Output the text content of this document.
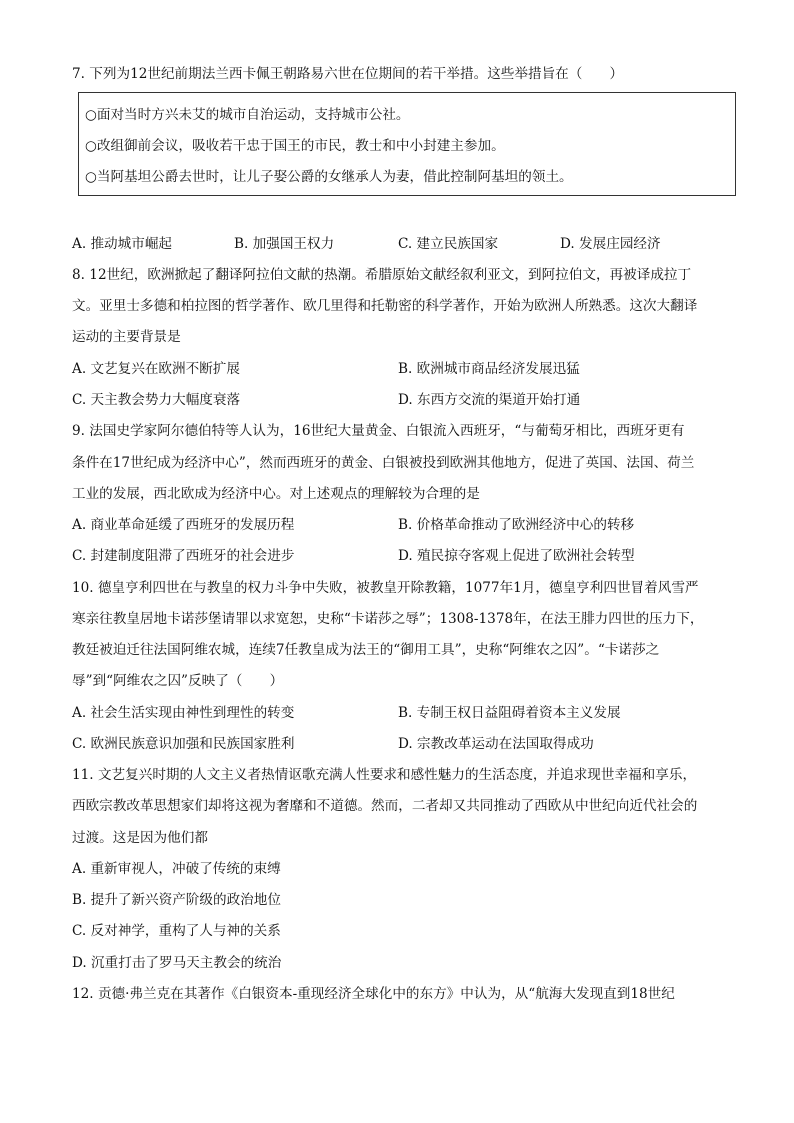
7. 下列为12世纪前期法兰西卡佩王朝路易六世在位期间的若干举措。这些举措旨在（　　）
○面对当时方兴未艾的城市自治运动，支持城市公社。
○改组御前会议，吸收若干忠于国王的市民，教士和中小封建主参加。
○当阿基坦公爵去世时，让儿子娶公爵的女继承人为妻，借此控制阿基坦的领土。
A. 推动城市崛起	B. 加强国王权力	C. 建立民族国家	D. 发展庄园经济
8. 12世纪，欧洲掀起了翻译阿拉伯文献的热潮。希腊原始文献经叙利亚文，到阿拉伯文，再被译成拉丁
文。亚里士多德和柏拉图的哲学著作、欧几里得和托勒密的科学著作，开始为欧洲人所熟悉。这次大翻译
运动的主要背景是
A. 文艺复兴在欧洲不断扩展	B. 欧洲城市商品经济发展迅猛
C. 天主教会势力大幅度衰落	D. 东西方交流的渠道开始打通
9. 法国史学家阿尔德伯特等人认为，16世纪大量黄金、白银流入西班牙，“与葡萄牙相比，西班牙更有
条件在17世纪成为经济中心”，然而西班牙的黄金、白银被投到欧洲其他地方，促进了英国、法国、荷兰
工业的发展，西北欧成为经济中心。对上述观点的理解较为合理的是
A. 商业革命延缓了西班牙的发展历程	B. 价格革命推动了欧洲经济中心的转移
C. 封建制度阻滞了西班牙的社会进步	D. 殖民掠夺客观上促进了欧洲社会转型
10. 德皇亨利四世在与教皇的权力斗争中失败，被教皇开除教籍，1077年1月，德皇亨利四世冒着风雪严
寒亲往教皇居地卡诺莎堡请罪以求宽恕，史称“卡诺莎之辱”；1308-1378年，在法王腓力四世的压力下，
教廷被迫迁往法国阿维农城，连续7任教皇成为法王的“御用工具”，史称“阿维农之囚”。“卡诺莎之
辱”到“阿维农之囚”反映了（　　）
A. 社会生活实现由神性到理性的转变	B. 专制王权日益阻碍着资本主义发展
C. 欧洲民族意识加强和民族国家胜利	D. 宗教改革运动在法国取得成功
11. 文艺复兴时期的人文主义者热情讴歌充满人性要求和感性魅力的生活态度，并追求现世幸福和享乐，
西欧宗教改革思想家们却将这视为奢靡和不道德。然而，二者却又共同推动了西欧从中世纪向近代社会的
过渡。这是因为他们都
A. 重新审视人，冲破了传统的束缚
B. 提升了新兴资产阶级的政治地位
C. 反对神学，重构了人与神的关系
D. 沉重打击了罗马天主教会的统治
12. 贡德·弗兰克在其著作《白银资本-重现经济全球化中的东方》中认为，从“航海大发现直到18世纪
